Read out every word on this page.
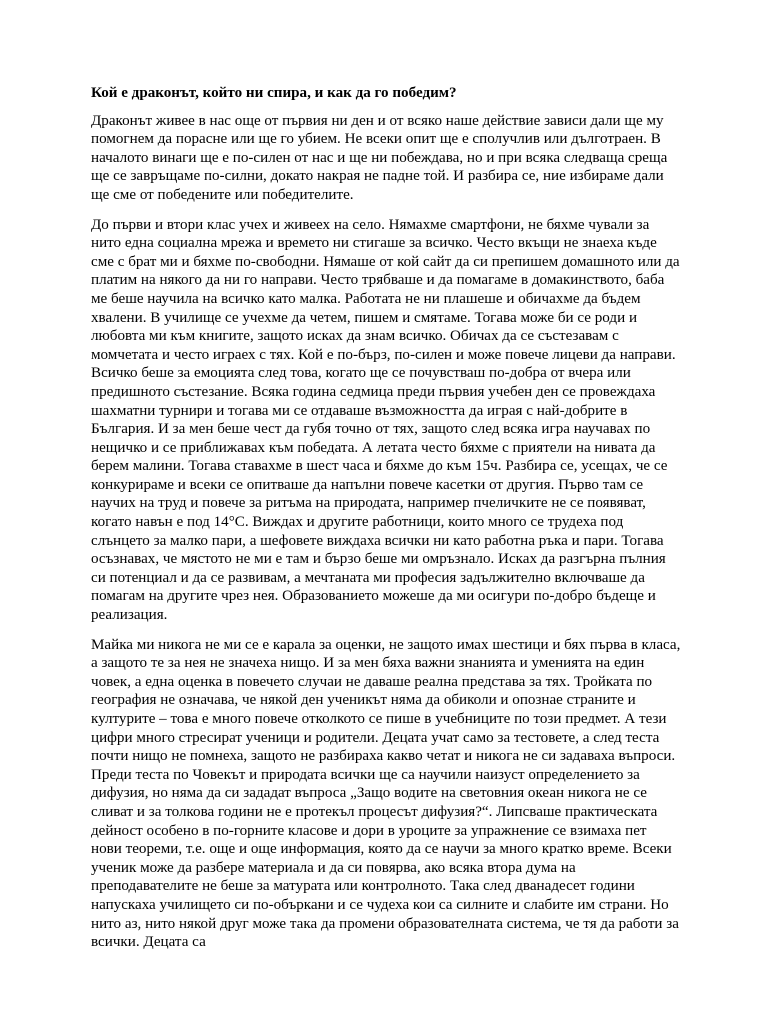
Кой е драконът, който ни спира, и как да го победим?

Драконът живее в нас още от първия ни ден и от всяко наше действие зависи дали ще му помогнем да порасне или ще го убием. Не всеки опит ще е сполучлив или дълготраен. В началото винаги ще е по-силен от нас и ще ни побеждава, но и при всяка следваща среща ще се завръщаме по-силни, докато накрая не падне той. И разбира се, ние избираме дали ще сме от победените или победителите.

До първи и втори клас учех и живеех на село. Нямахме смартфони, не бяхме чували за нито една социална мрежа и времето ни стигаше за всичко. Често вкъщи не знаеха къде сме с брат ми и бяхме по-свободни. Нямаше от кой сайт да си препишем домашното или да платим на някого да ни го направи. Често трябваше и да помагаме в домакинството, баба ме беше научила на всичко като малка. Работата не ни плашеше и обичахме да бъдем хвалени. В училище се учехме да четем, пишем и смятаме. Тогава може би се роди и любовта ми към книгите, защото исках да знам всичко. Обичах да се състезавам с момчетата и често играех с тях. Кой е по-бърз, по-силен и може повече лицеви да направи. Всичко беше за емоцията след това, когато ще се почувстваш по-добра от вчера или предишното състезание. Всяка година седмица преди първия учебен ден се провеждаха шахматни турнири и тогава ми се отдаваше възможността да играя с най-добрите в България. И за мен беше чест да губя точно от тях, защото след всяка игра научавах по нещичко и се приближавах към победата. А летата често бяхме с приятели на нивата да берем малини. Тогава ставахме в шест часа и бяхме до към 15ч. Разбира се, усещах, че се конкурираме и всеки се опитваше да напълни повече касетки от другия. Първо там се научих на труд и повече за ритъма на природата, например пчеличките не се появяват, когато навън е под 14°С. Виждах и другите работници, които много се трудеха под слънцето за малко пари, а шефовете виждаха всички ни като работна ръка и пари. Тогава осъзнавах, че мястото не ми е там и бързо беше ми омръзнало. Исках да разгърна пълния си потенциал и да се развивам, а мечтаната ми професия задължително включваше да помагам на другите чрез нея. Образованието можеше да ми осигури по-добро бъдеще и реализация.

Майка ми никога не ми се е карала за оценки, не защото имах шестици и бях първа в класа, а защото те за нея не значеха нищо. И за мен бяха важни знанията и уменията на един човек, а една оценка в повечето случаи не даваше реална представа за тях. Тройката по география не означава, че някой ден ученикът няма да обиколи и опознае страните и културите – това е много повече отколкото се пише в учебниците по този предмет. А тези цифри много стресират ученици и родители. Децата учат само за тестовете, а след теста почти нищо не помнеха, защото не разбираха какво четат и никога не си задаваха въпроси. Преди теста по Човекът и природата всички ще са научили наизуст определението за дифузия, но няма да си зададат въпроса „Защо водите на световния океан никога не се сливат и за толкова години не е протекъл процесът дифузия?“. Липсваше практическата дейност особено в по-горните класове и дори в уроците за упражнение се взимаха пет нови теореми, т.е. още и още информация, която да се научи за много кратко време. Всеки ученик може да разбере материала и да си повярва, ако всяка втора дума на преподавателите не беше за матурата или контролното. Така след дванадесет години напускаха училището си по-объркани и се чудеха кои са силните и слабите им страни. Но нито аз, нито някой друг може така да промени образователната система, че тя да работи за всички. Децата са
